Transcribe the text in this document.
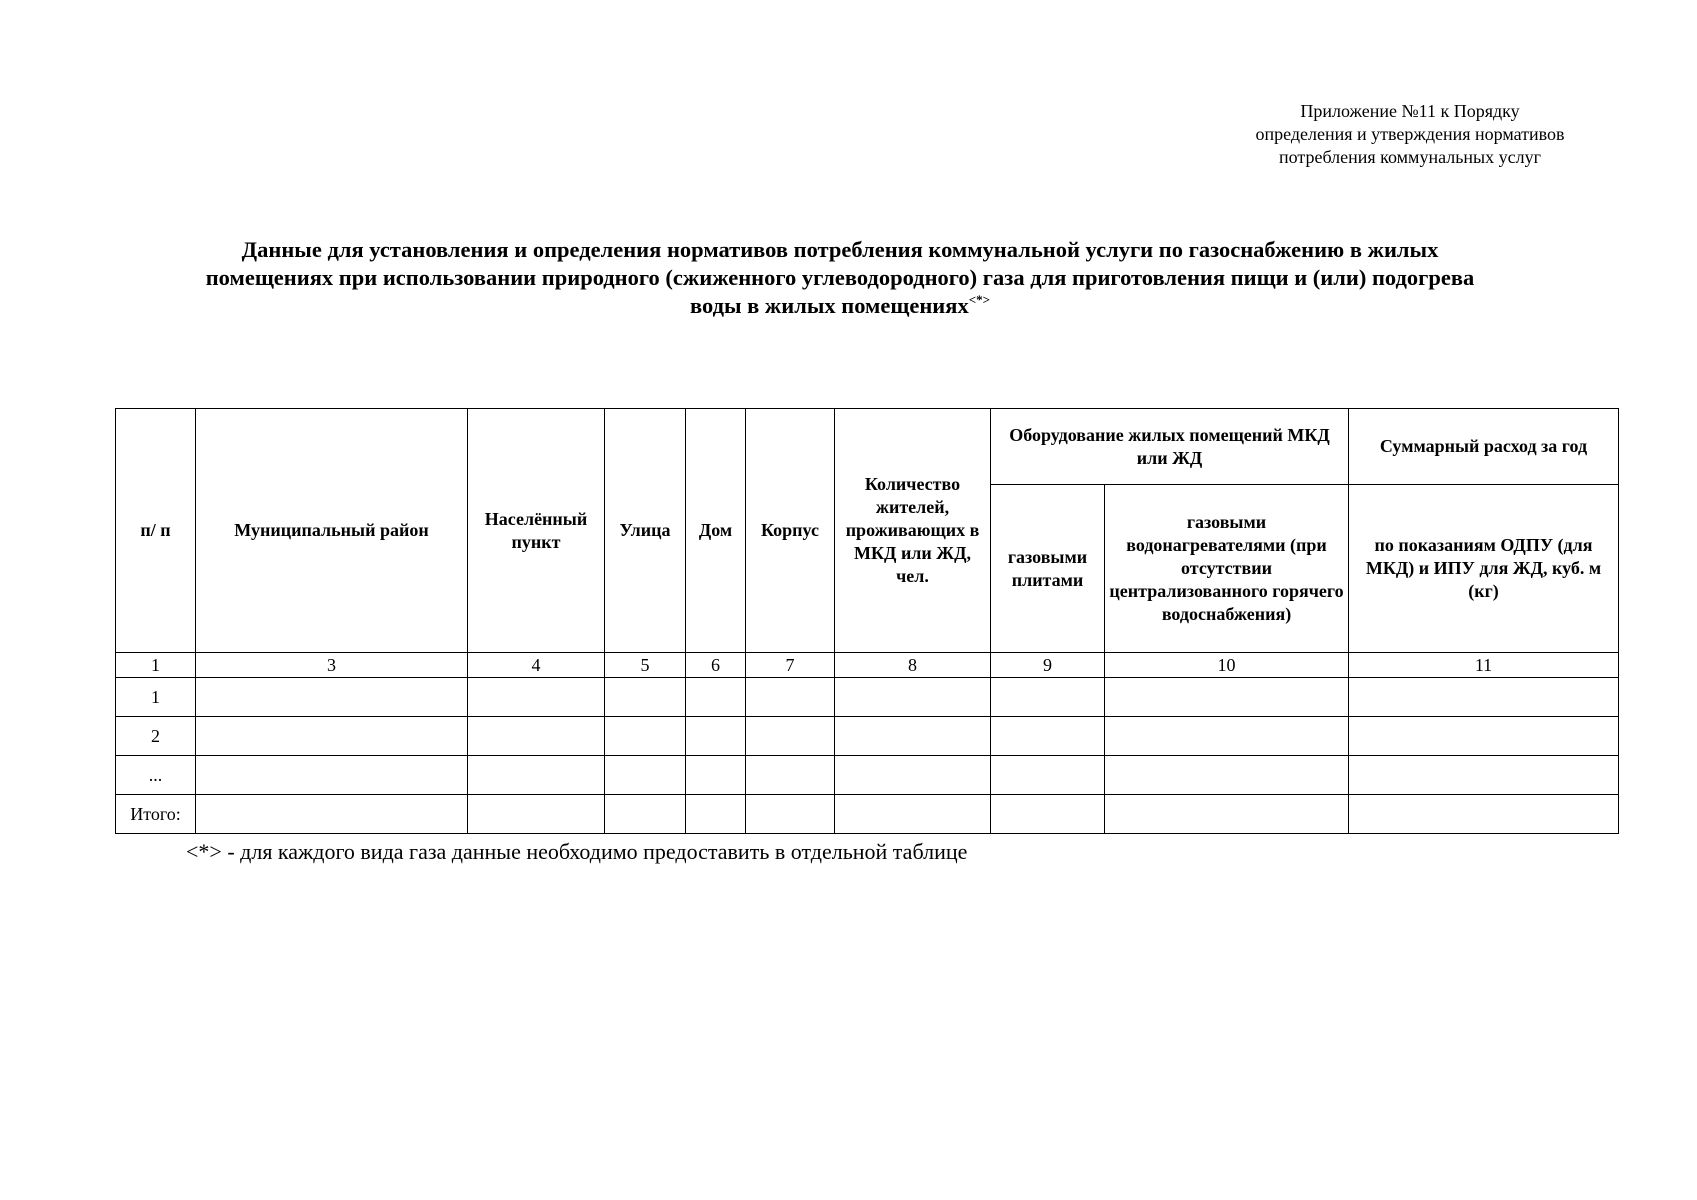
Приложение №11 к Порядку
определения и утверждения нормативов
потребления коммунальных услуг
Данные для установления и определения нормативов потребления коммунальной услуги по газоснабжению в жилых
помещениях при использовании природного (сжиженного углеводородного) газа для приготовления пищи и (или) подогрева
воды в жилых помещениях<*>
п/ п	Муниципальный район	Населённый пункт	Улица	Дом	Корпус	Количество жителей, проживающих в МКД или ЖД, чел.	Оборудование жилых помещений МКД или ЖД		Суммарный расход за год
							газовыми плитами	газовыми водонагревателями (при отсутствии централизованного горячего водоснабжения)	по показаниям ОДПУ (для МКД) и ИПУ для ЖД, куб. м (кг)
1	3	4	5	6	7	8	9	10	11
1									
2									
...									
Итого:									
<*> - для каждого вида газа данные необходимо предоставить в отдельной таблице
